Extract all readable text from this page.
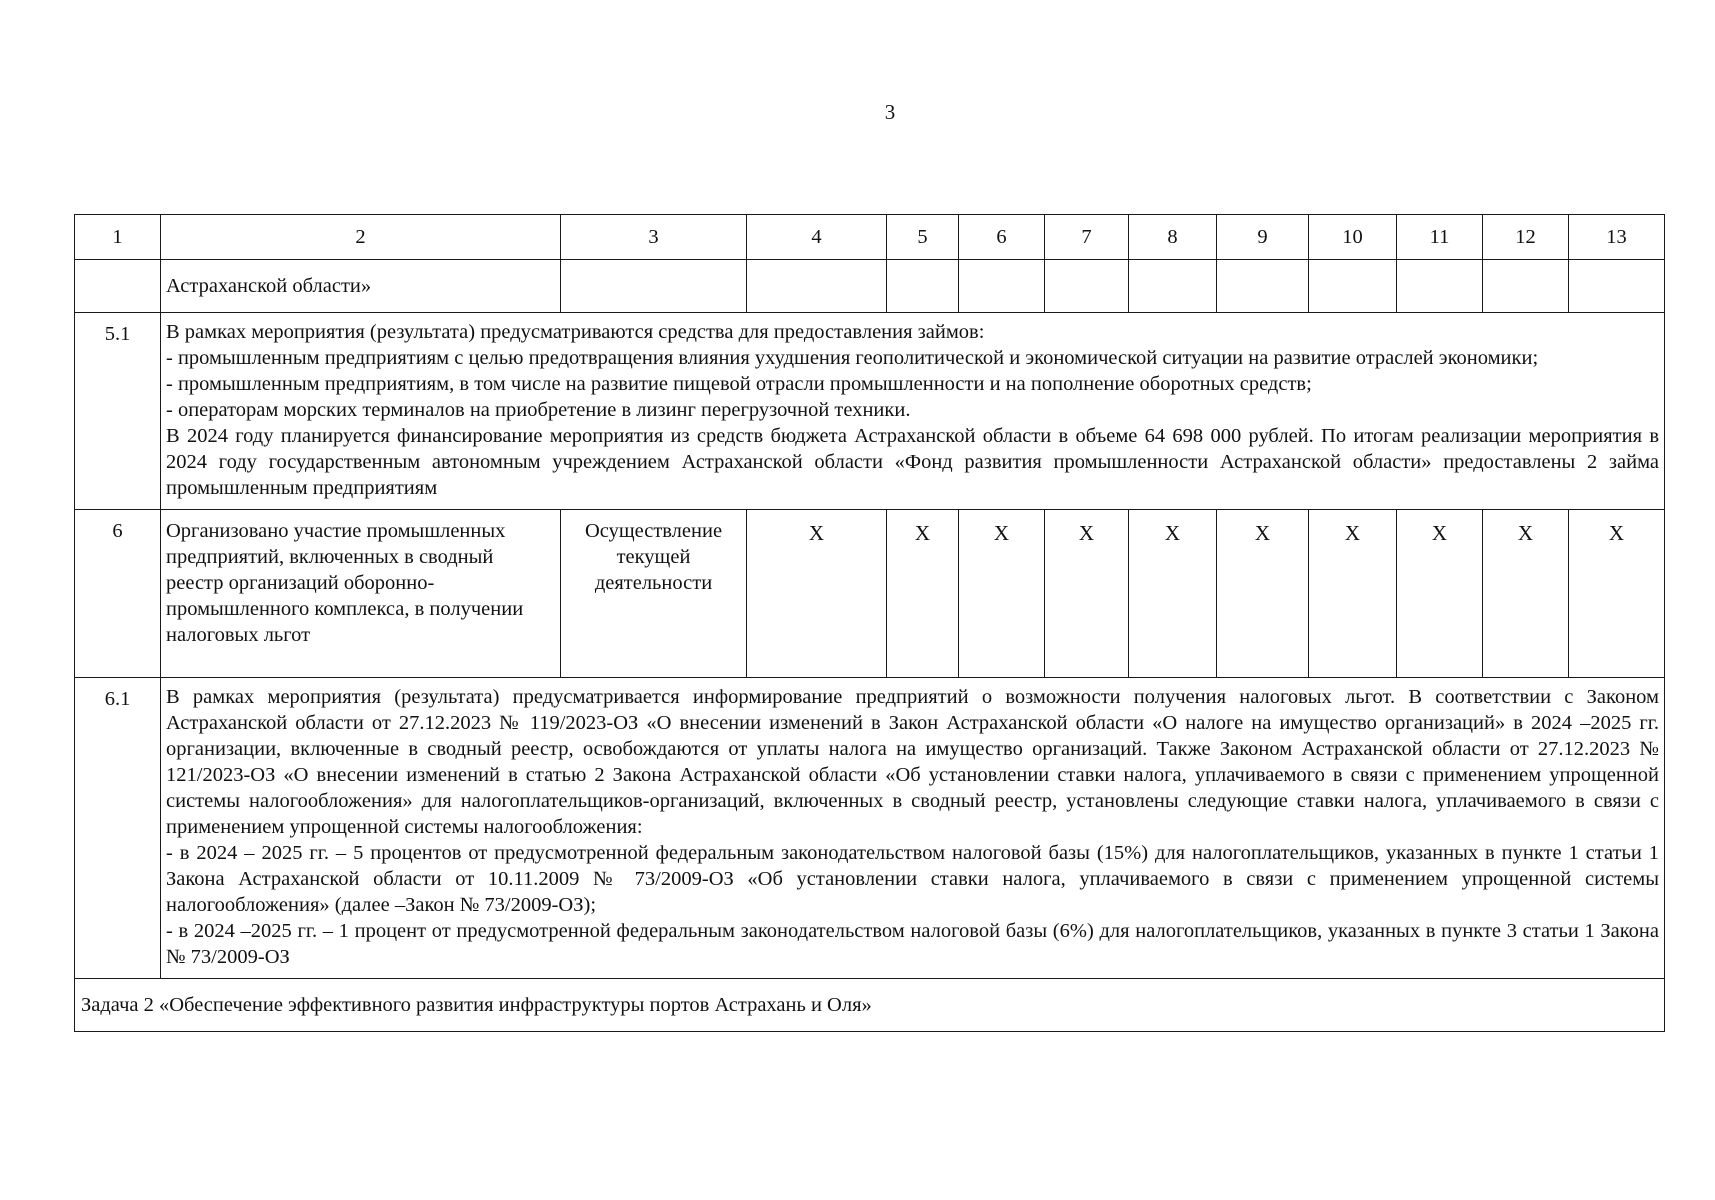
3
1	2	3	4	5	6	7	8	9	10	11	12	13
	Астраханской области»											
5.1	В рамках мероприятия (результата) предусматриваются средства для предоставления займов:
- промышленным предприятиям с целью предотвращения влияния ухудшения геополитической и экономической ситуации на развитие отраслей экономики;
- промышленным предприятиям, в том числе на развитие пищевой отрасли промышленности и на пополнение оборотных средств;
- операторам морских терминалов на приобретение в лизинг перегрузочной техники.
В 2024 году планируется финансирование мероприятия из средств бюджета Астраханской области в объеме 64 698 000 рублей. По итогам реализации мероприятия в 2024 году государственным автономным учреждением Астраханской области «Фонд развития промышленности Астраханской области» предоставлены 2 займа промышленным предприятиям											

6	Организовано участие промышленных предприятий, включенных в сводный реестр организаций оборонно-промышленного комплекса, в получении налоговых льгот	Осуществление текущей деятельности	X	X	X	X	X	X	X	X	X	X
6.1	В рамках мероприятия (результата) предусматривается информирование предприятий о возможности получения налоговых льгот. В соответствии с Законом Астраханской области от 27.12.2023 № 119/2023-ОЗ «О внесении изменений в Закон Астраханской области «О налоге на имущество организаций» в 2024 –2025 гг. организации, включенные в сводный реестр, освобождаются от уплаты налога на имущество организаций. Также Законом Астраханской области от 27.12.2023 № 121/2023-ОЗ «О внесении изменений в статью 2 Закона Астраханской области «Об установлении ставки налога, уплачиваемого в связи с применением упрощенной системы налогообложения» для налогоплательщиков-организаций, включенных в сводный реестр, установлены следующие ставки налога, уплачиваемого в связи с применением упрощенной системы налогообложения:
- в 2024 – 2025 гг. – 5 процентов от предусмотренной федеральным законодательством налоговой базы (15%) для налогоплательщиков, указанных в пункте 1 статьи 1 Закона Астраханской области от 10.11.2009 № 73/2009-ОЗ «Об установлении ставки налога, уплачиваемого в связи с применением упрощенной системы налогообложения» (далее –Закон № 73/2009-ОЗ);
- в 2024 –2025 гг. – 1 процент от предусмотренной федеральным законодательством налоговой базы (6%) для налогоплательщиков, указанных в пункте 3 статьи 1 Закона № 73/2009-ОЗ											

Задача 2 «Обеспечение эффективного развития инфраструктуры портов Астрахань и Оля»												
